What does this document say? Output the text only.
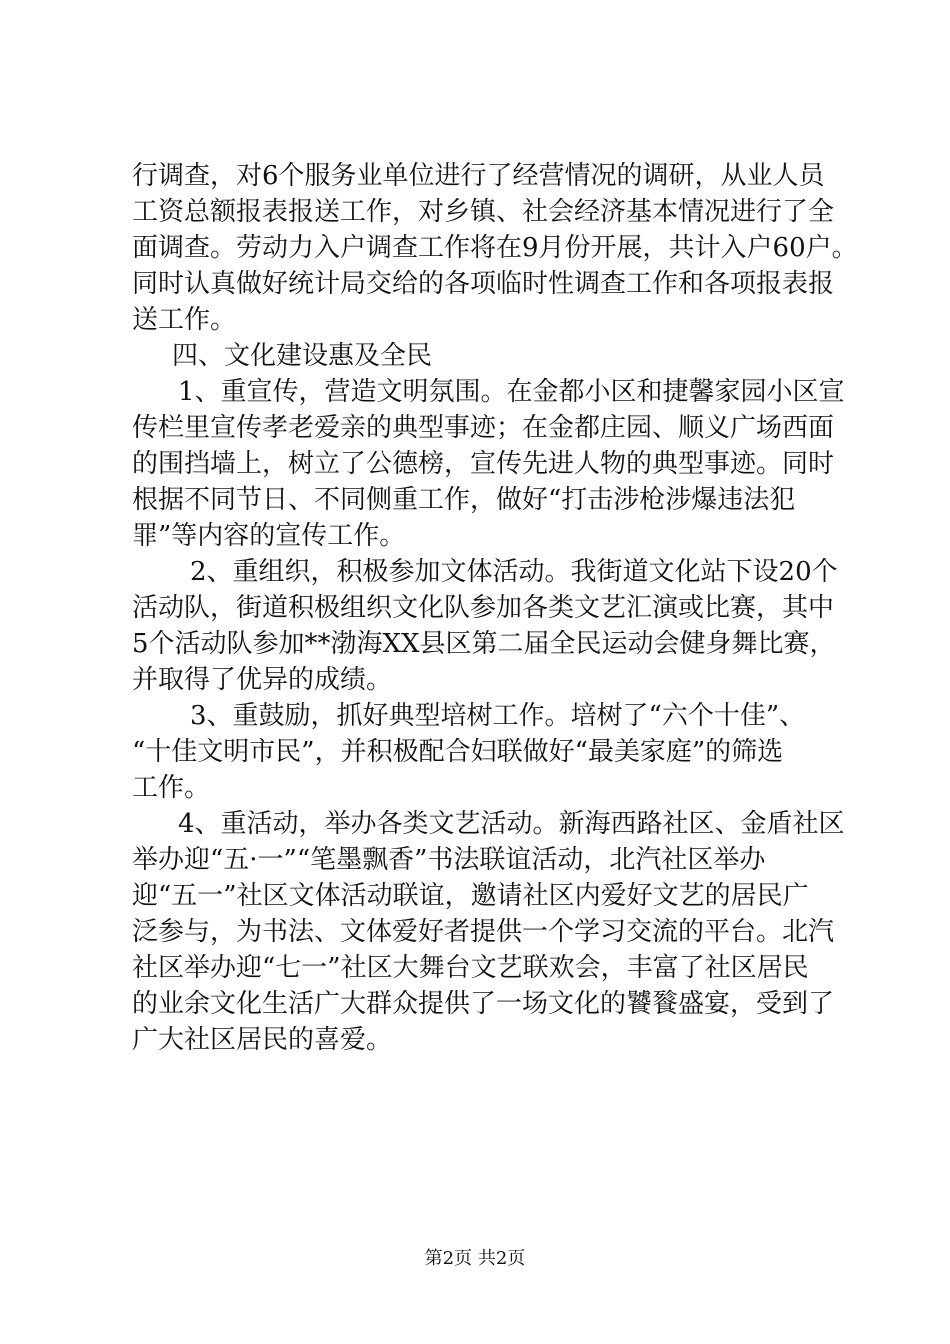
行调查，对6个服务业单位进行了经营情况的调研，从业人员
工资总额报表报送工作，对乡镇、社会经济基本情况进行了全
面调查。劳动力入户调查工作将在9月份开展，共计入户60户。
同时认真做好统计局交给的各项临时性调查工作和各项报表报
送工作。
四、文化建设惠及全民
1、重宣传，营造文明氛围。在金都小区和捷馨家园小区宣
传栏里宣传孝老爱亲的典型事迹；在金都庄园、顺义广场西面
的围挡墙上，树立了公德榜，宣传先进人物的典型事迹。同时
根据不同节日、不同侧重工作，做好“打击涉枪涉爆违法犯
罪”等内容的宣传工作。
2、重组织，积极参加文体活动。我街道文化站下设20个
活动队，街道积极组织文化队参加各类文艺汇演或比赛，其中
5个活动队参加**渤海XX县区第二届全民运动会健身舞比赛，
并取得了优异的成绩。
3、重鼓励，抓好典型培树工作。培树了“六个十佳”、
“十佳文明市民”，并积极配合妇联做好“最美家庭”的筛选
工作。
4、重活动，举办各类文艺活动。新海西路社区、金盾社区
举办迎“五·一”“笔墨飘香”书法联谊活动，北汽社区举办
迎“五一”社区文体活动联谊，邀请社区内爱好文艺的居民广
泛参与，为书法、文体爱好者提供一个学习交流的平台。北汽
社区举办迎“七一”社区大舞台文艺联欢会，丰富了社区居民
的业余文化生活广大群众提供了一场文化的饕餮盛宴，受到了
广大社区居民的喜爱。
第2页 共2页
